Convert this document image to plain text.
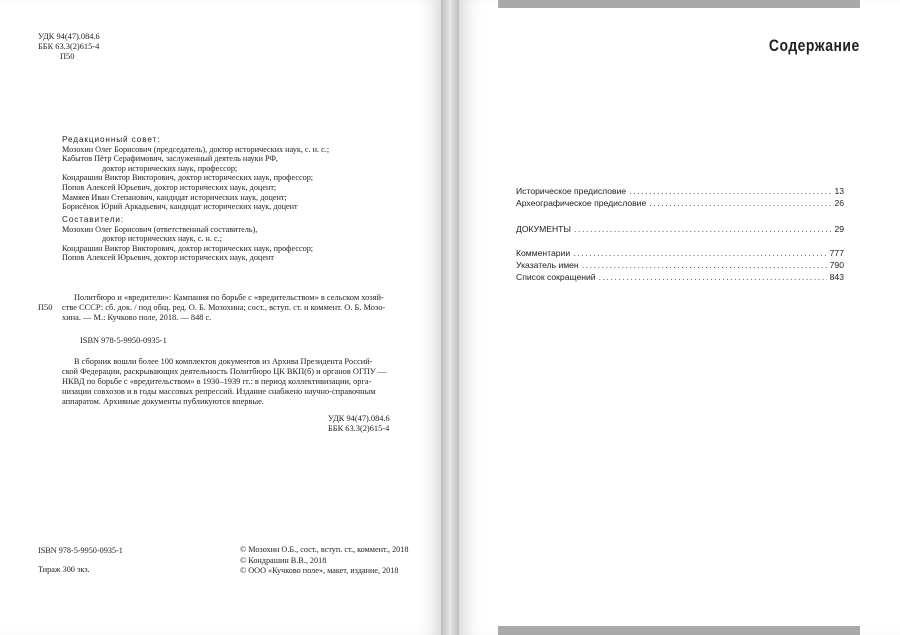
УДК 94(47).084.6
ББК 63.3(2)615-4
П50
Редакционный совет:
Мозохин Олег Борисович (председатель), доктор исторических наук, с. н. с.;
Кабытов Пётр Серафимович, заслуженный деятель науки РФ,
доктор исторических наук, профессор;
Кондрашин Виктор Викторович, доктор исторических наук, профессор;
Попов Алексей Юрьевич, доктор исторических наук, доцент;
Мамяев Иван Степанович, кандидат исторических наук, доцент;
Борисёнок Юрий Аркадьевич, кандидат исторических наук, доцент
Составители:
Мозохин Олег Борисович (ответственный составитель),
доктор исторических наук, с. н. с.;
Кондрашин Виктор Викторович, доктор исторических наук, профессор;
Попов Алексей Юрьевич, доктор исторических наук, доцент
П50
Политбюро и «вредители»: Кампания по борьбе с «вредительством» в сельском хозяй-
стве СССР: сб. док. / под общ. ред. О. Б. Мозохина; сост., вступ. ст. и коммент. О. Б. Мозо-
хина. — М.: Кучково поле, 2018. — 848 с.
ISBN 978-5-9950-0935-1
В сборник вошли более 100 комплектов документов из Архива Президента Россий-
ской Федерации, раскрывающих деятельность Политбюро ЦК ВКП(б) и органов ОГПУ —
НКВД по борьбе с «вредительством» в 1930–1939 гг.: в период коллективизации, орга-
низации совхозов и в годы массовых репрессий. Издание снабжено научно-справочным
аппаратом. Архивные документы публикуются впервые.
УДК 94(47).084.6
ББК 63.3(2)615-4
ISBN 978-5-9950-0935-1
Тираж 300 экз.
© Мозохин О.Б., сост., вступ. ст., коммент., 2018
© Кондрашин В.В., 2018
© ООО «Кучково поле», макет, издание, 2018
Содержание
Историческое предисловие .....	13
Археографическое предисловие .....	26
ДОКУМЕНТЫ .....	29
Комментарии .....	777
Указатель имен .....	790
Список сокращений .....	843
